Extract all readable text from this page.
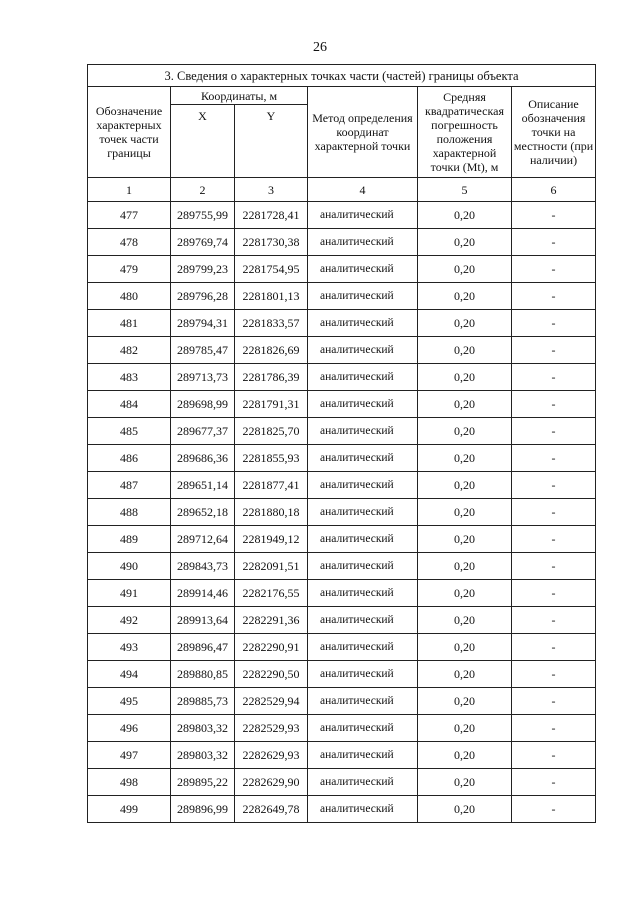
26
3. Сведения о характерных точках части (частей) границы объекта					
Обозначение характерных точек части границы	Координаты, м		Метод определения координат характерной точки	Средняя квадратическая погрешность положения характерной точки (Mt), м	Описание обозначения точки на местности (при наличии)
	X	Y			
1	2	3	4	5	6
477	289755,99	2281728,41	аналитический	0,20	-
478	289769,74	2281730,38	аналитический	0,20	-
479	289799,23	2281754,95	аналитический	0,20	-
480	289796,28	2281801,13	аналитический	0,20	-
481	289794,31	2281833,57	аналитический	0,20	-
482	289785,47	2281826,69	аналитический	0,20	-
483	289713,73	2281786,39	аналитический	0,20	-
484	289698,99	2281791,31	аналитический	0,20	-
485	289677,37	2281825,70	аналитический	0,20	-
486	289686,36	2281855,93	аналитический	0,20	-
487	289651,14	2281877,41	аналитический	0,20	-
488	289652,18	2281880,18	аналитический	0,20	-
489	289712,64	2281949,12	аналитический	0,20	-
490	289843,73	2282091,51	аналитический	0,20	-
491	289914,46	2282176,55	аналитический	0,20	-
492	289913,64	2282291,36	аналитический	0,20	-
493	289896,47	2282290,91	аналитический	0,20	-
494	289880,85	2282290,50	аналитический	0,20	-
495	289885,73	2282529,94	аналитический	0,20	-
496	289803,32	2282529,93	аналитический	0,20	-
497	289803,32	2282629,93	аналитический	0,20	-
498	289895,22	2282629,90	аналитический	0,20	-
499	289896,99	2282649,78	аналитический	0,20	-
